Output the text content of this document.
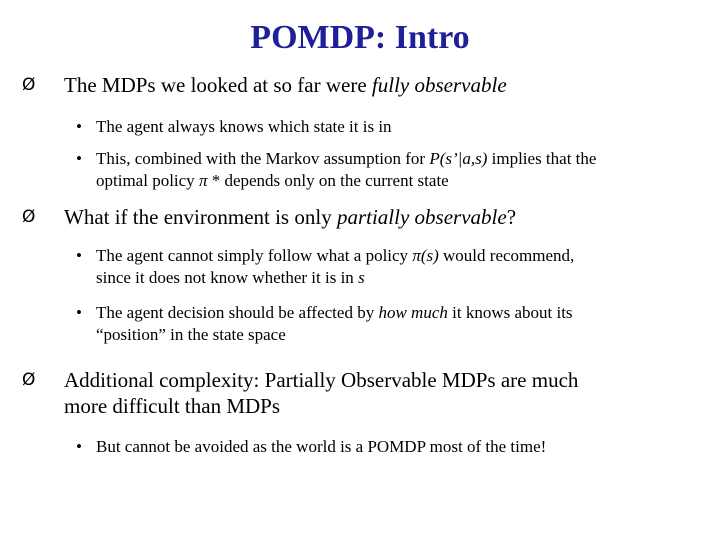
POMDP: Intro
Ø The MDPs we looked at so far were fully observable
• The agent always knows which state it is in
• This, combined with the Markov assumption for P(s’|a,s) implies that the
optimal policy π * depends only on the current state
Ø What if the environment is only partially observable?
• The agent cannot simply follow what a policy π(s) would recommend,
since it does not know whether it is in s
• The agent decision should be affected by how much it knows about its
“position” in the state space
Ø Additional complexity: Partially Observable MDPs are much
more difficult than MDPs
• But cannot be avoided as the world is a POMDP most of the time!
